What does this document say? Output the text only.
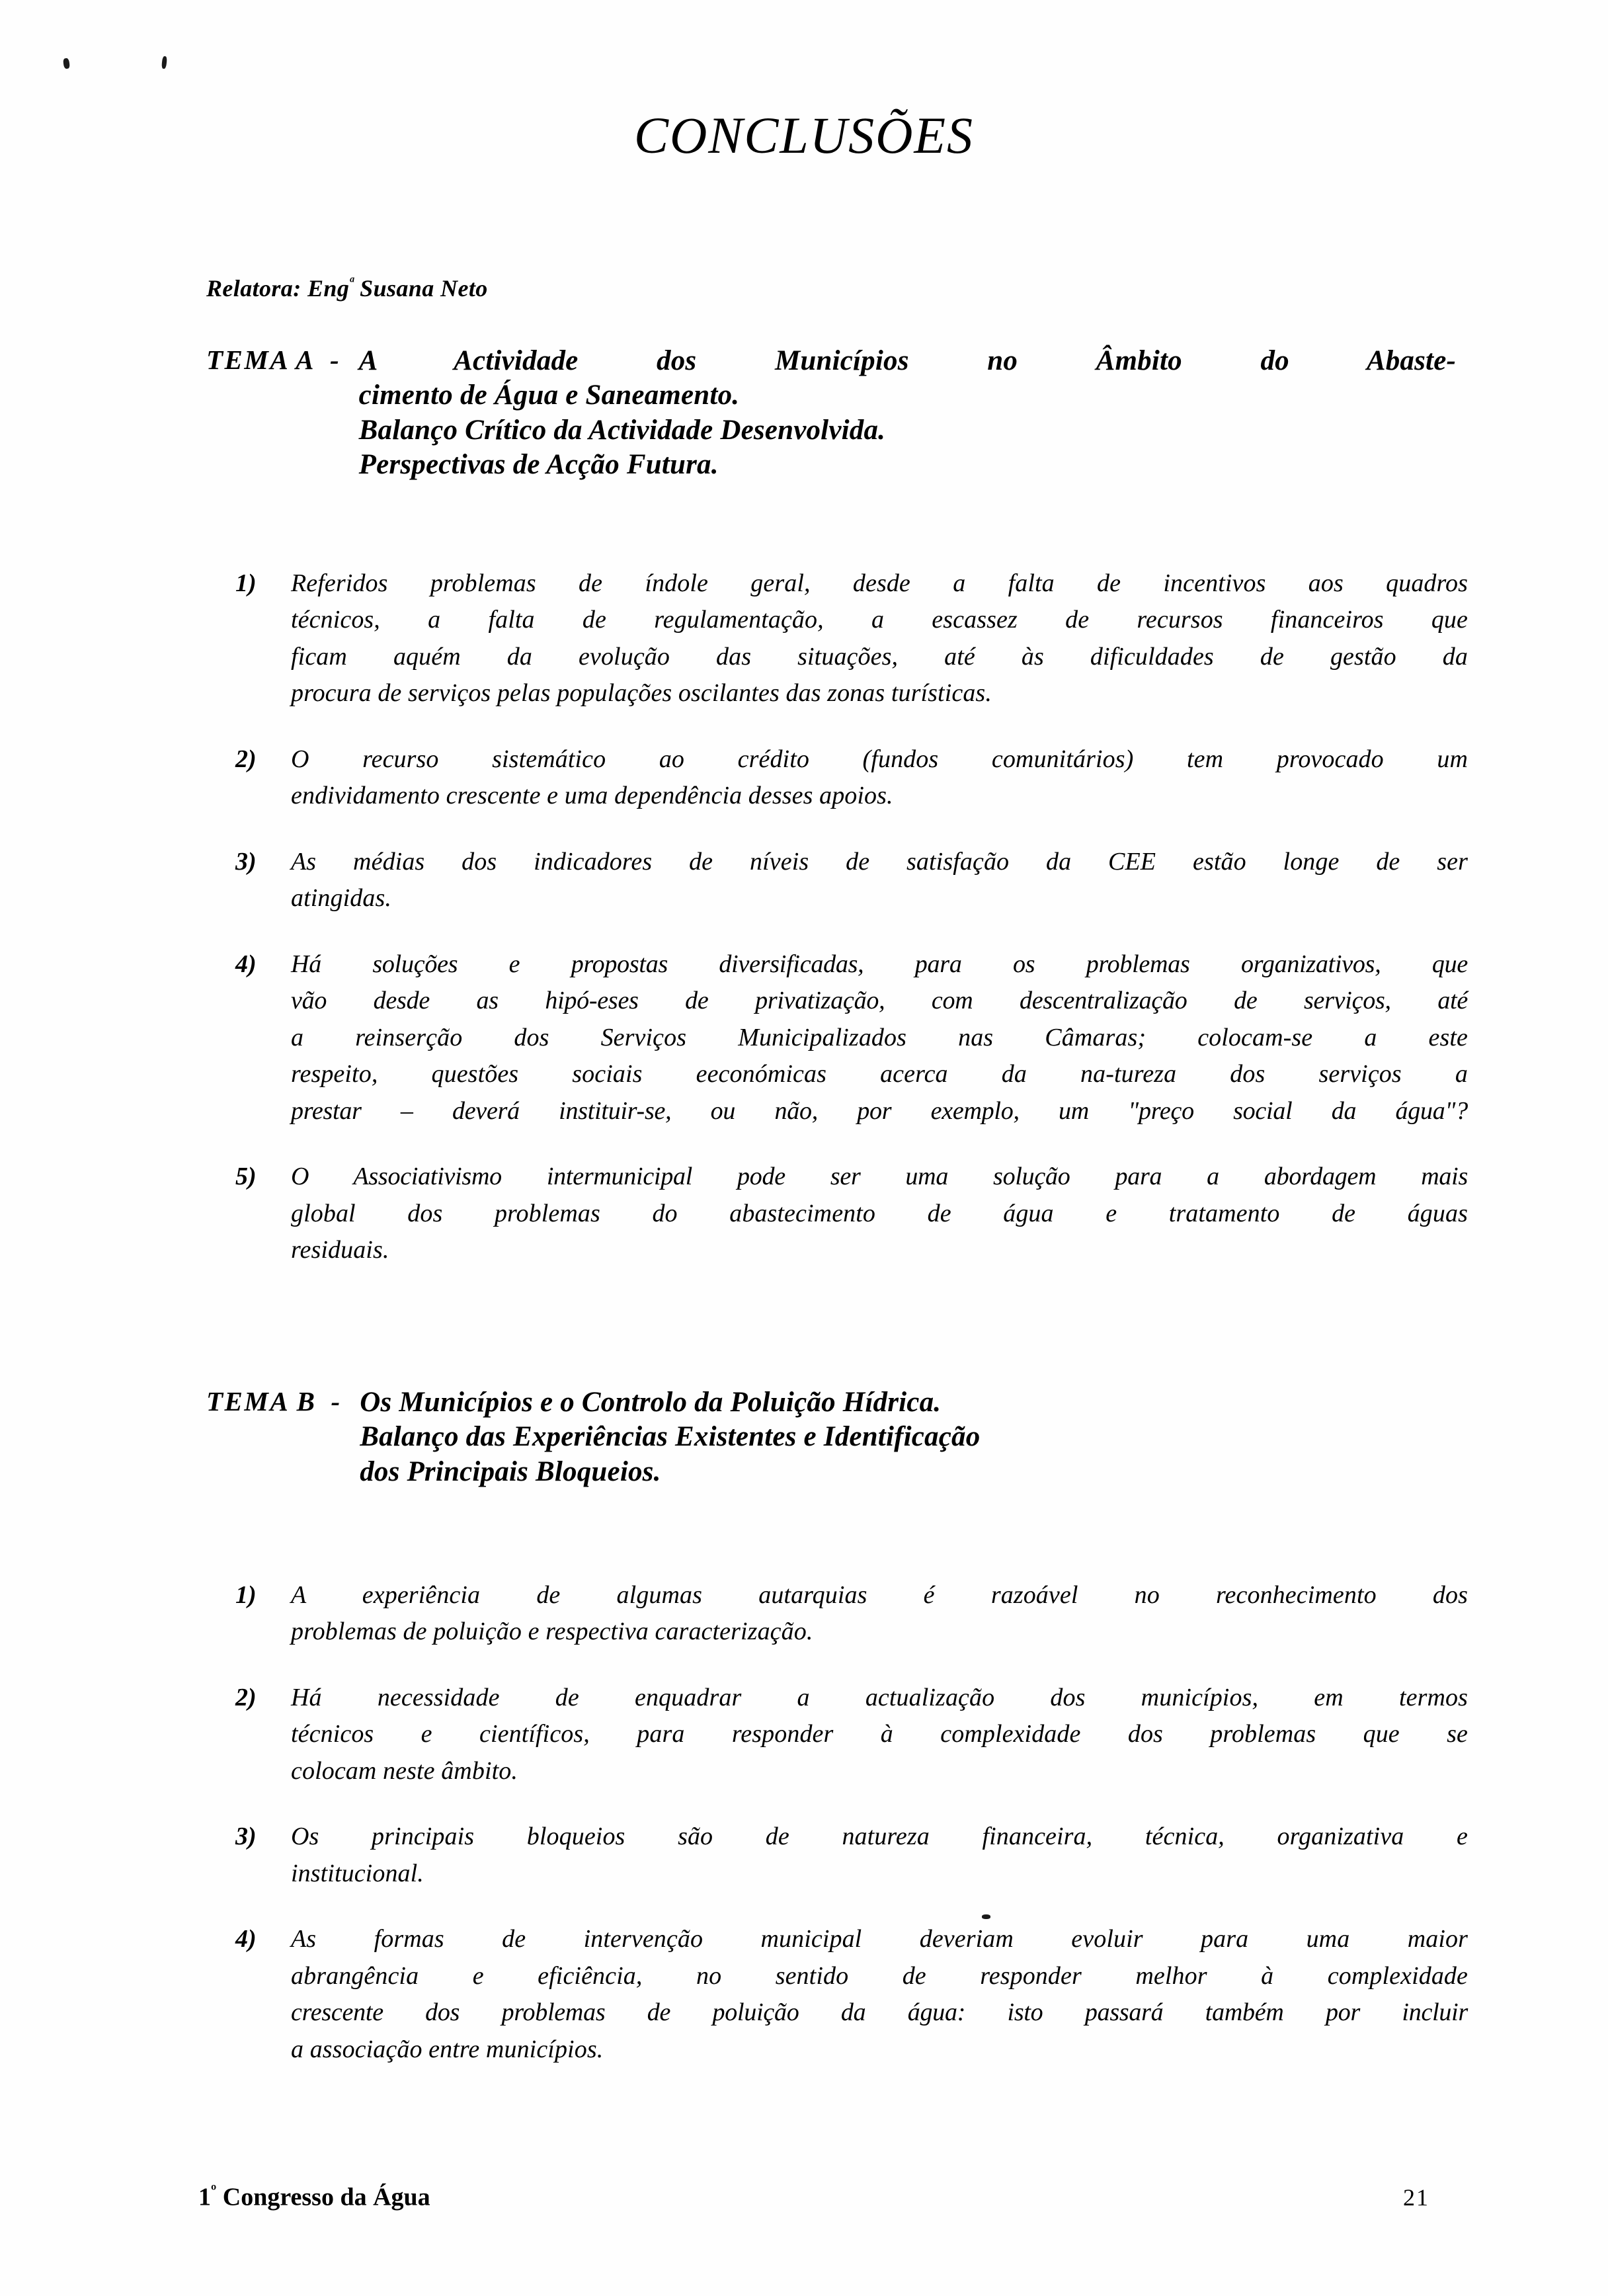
CONCLUSÕES
Relatora: Eng$^ª$ Susana Neto
TEMA A - A Actividade dos Municípios no Âmbito do Abaste-
cimento de Água e Saneamento.
Balanço Crítico da Actividade Desenvolvida.
Perspectivas de Acção Futura.
1)	Referidos problemas de índole geral, desde a falta de incentivos aos quadros
técnicos, a falta de regulamentação, a escassez de recursos financeiros que
ficam aquém da evolução das situações, até às dificuldades de gestão da
procura de serviços pelas populações oscilantes das zonas turísticas.
2)	O recurso sistemático ao crédito (fundos comunitários) tem provocado um
endividamento crescente e uma dependência desses apoios.
3)	As médias dos indicadores de níveis de satisfação da CEE estão longe de ser
atingidas.
4)	Há soluções e propostas diversificadas, para os problemas organizativos, que
vão desde as hipó-eses de privatização, com descentralização de serviços, até
a reinserção dos Serviços Municipalizados nas Câmaras; colocam-se a este
respeito, questões sociais eeconómicas acerca da na-tureza dos serviços a
prestar – deverá instituir-se, ou não, por exemplo, um "preço social da água"?
5)	O Associativismo intermunicipal pode ser uma solução para a abordagem mais
global dos problemas do abastecimento de água e tratamento de águas
residuais.
TEMA B - Os Municípios e o Controlo da Poluição Hídrica.
Balanço das Experiências Existentes e Identificação
dos Principais Bloqueios.
1)	A experiência de algumas autarquias é razoável no reconhecimento dos
problemas de poluição e respectiva caracterização.
2)	Há necessidade de enquadrar a actualização dos municípios, em termos
técnicos e científicos, para responder à complexidade dos problemas que se
colocam neste âmbito.
3)	Os principais bloqueios são de natureza financeira, técnica, organizativa e
institucional.
4)	As formas de intervenção municipal deveriam evoluir para uma maior
abrangência e eficiência, no sentido de responder melhor à complexidade
crescente dos problemas de poluição da água: isto passará também por incluir
a associação entre municípios.
$1^º$ Congresso da Água	21
